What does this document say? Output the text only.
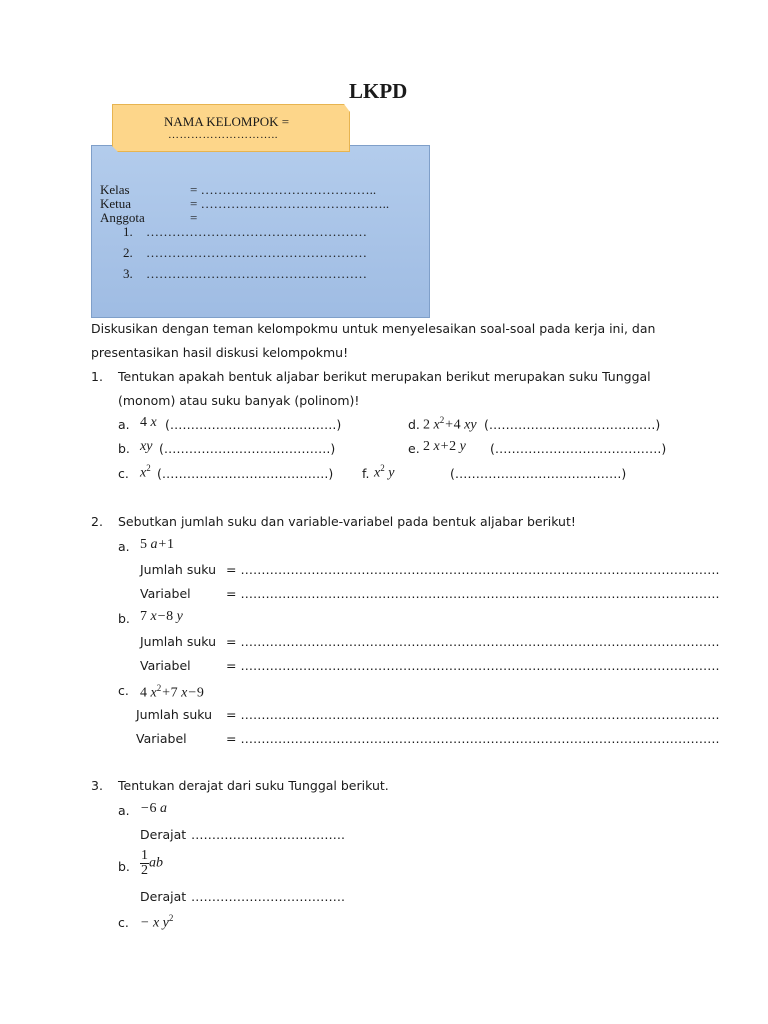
LKPD
NAMA KELOMPOK =
………………………..
Kelas	= …………………………………..
Ketua	= ……………………………………..
Anggota	=
1. ……………………………………………
2. ……………………………………………
3. ……………………………………………
Diskusikan dengan teman kelompokmu untuk menyelesaikan soal-soal pada kerja ini, dan
presentasikan hasil diskusi kelompokmu!
1. Tentukan apakah bentuk aljabar berikut merupakan berikut merupakan suku Tunggal
(monom) atau suku banyak (polinom)!
a. 4 x (………………………………….)	d. 2 $x^2+4$ xy (………………………………….)
b. xy (………………………………….)	e. 2 x+2 y (………………………………….)
c. $x^2$ (………………………………….) f. $x^2$ y	(………………………………….)
2. Sebutkan jumlah suku dan variable-variabel pada bentuk aljabar berikut!
a. 5 a+1
Jumlah suku = …………………………………………………………………………………………………….
Variabel	= …………………………………………………………………………………………………….
b. 7 x−8 y
Jumlah suku = …………………………………………………………………………………………………….
Variabel	= …………………………………………………………………………………………………….
c. 4 $x^2+7$ x−9
Jumlah suku = …………………………………………………………………………………………………….
Variabel	= …………………………………………………………………………………………………….
3. Tentukan derajat dari suku Tunggal berikut.
a. −6 a
Derajat ……………………………….
b. $\frac{1}{2}$ ab
Derajat ……………………………….
c. − x $y^2$
